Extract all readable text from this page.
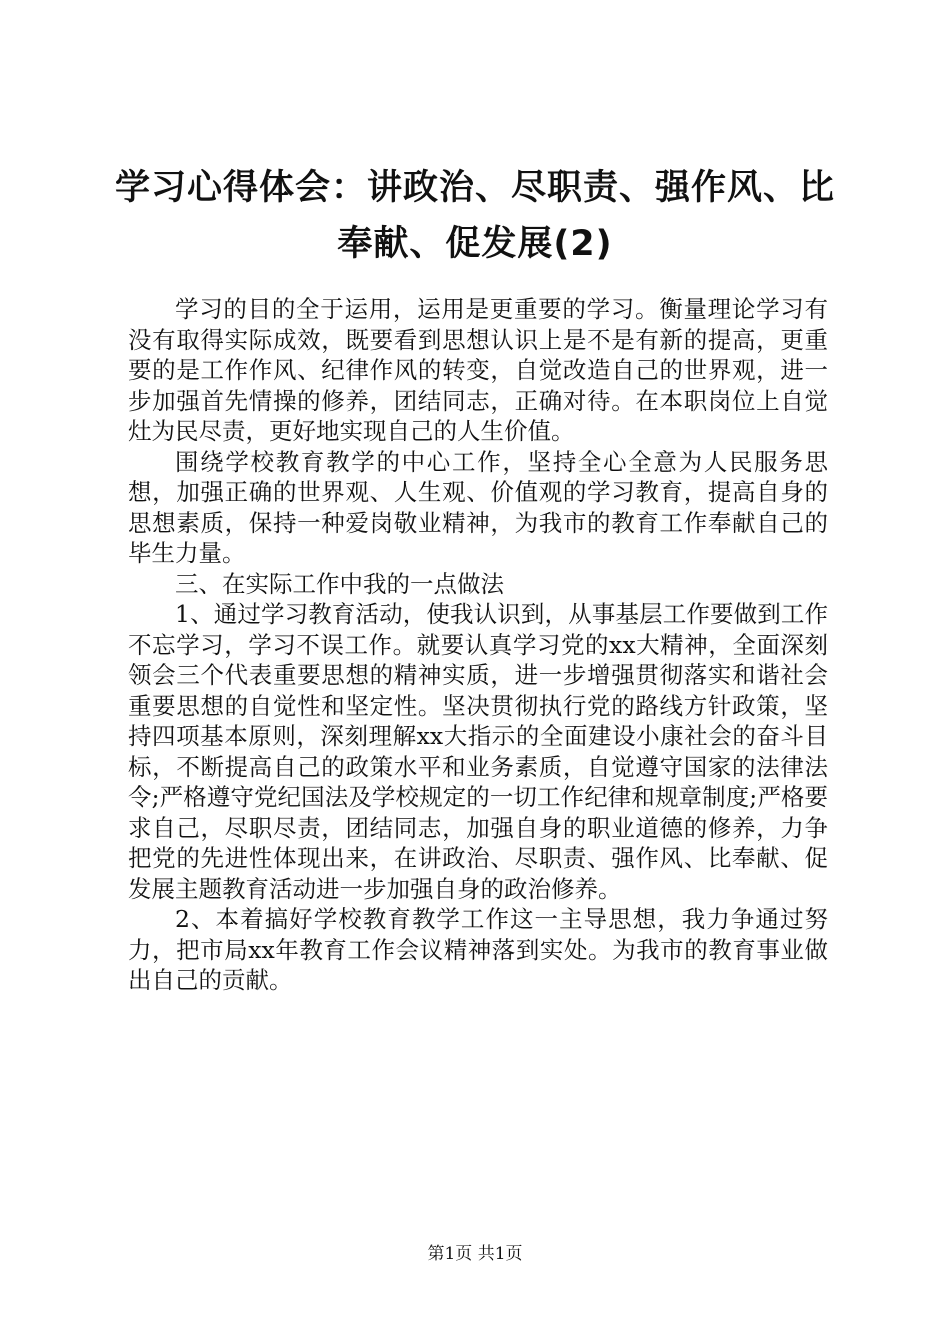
学习心得体会：讲政治、尽职责、强作风、比
奉献、促发展(2)

学习的目的全于运用，运用是更重要的学习。衡量理论学习有没有取得实际成效，既要看到思想认识上是不是有新的提高，更重要的是工作作风、纪律作风的转变，自觉改造自己的世界观，进一步加强首先情操的修养，团结同志，正确对待。在本职岗位上自觉灶为民尽责，更好地实现自己的人生价值。

围绕学校教育教学的中心工作，坚持全心全意为人民服务思想，加强正确的世界观、人生观、价值观的学习教育，提高自身的思想素质，保持一种爱岗敬业精神，为我市的教育工作奉献自己的毕生力量。

三、在实际工作中我的一点做法

1、通过学习教育活动，使我认识到，从事基层工作要做到工作不忘学习，学习不误工作。就要认真学习党的xx大精神，全面深刻领会三个代表重要思想的精神实质，进一步增强贯彻落实和谐社会重要思想的自觉性和坚定性。坚决贯彻执行党的路线方针政策，坚持四项基本原则，深刻理解xx大指示的全面建设小康社会的奋斗目标，不断提高自己的政策水平和业务素质，自觉遵守国家的法律法令;严格遵守党纪国法及学校规定的一切工作纪律和规章制度;严格要求自己，尽职尽责，团结同志，加强自身的职业道德的修养，力争把党的先进性体现出来，在讲政治、尽职责、强作风、比奉献、促发展主题教育活动进一步加强自身的政治修养。

2、本着搞好学校教育教学工作这一主导思想，我力争通过努力，把市局xx年教育工作会议精神落到实处。为我市的教育事业做出自己的贡献。

第1页 共1页
